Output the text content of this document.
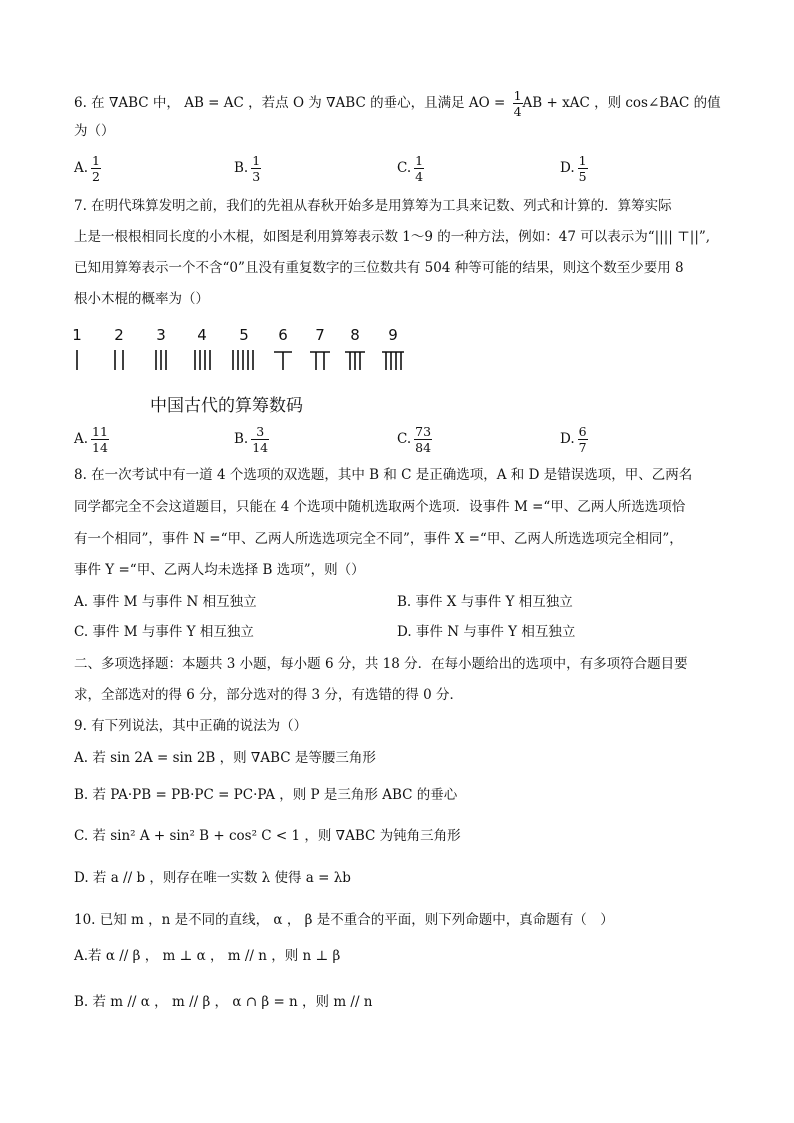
6. 在 ∇ABC 中， AB = AC ，若点 O 为 ∇ABC 的垂心，且满足 AO = $\frac{1}{4}$ AB + xAC ，则 cos∠BAC 的值
为（）
A. $\frac{1}{2}$	B. $\frac{1}{3}$	C. $\frac{1}{4}$	D. $\frac{1}{5}$
7. 在明代珠算发明之前，我们的先祖从春秋开始多是用算筹为工具来记数、列式和计算的．算筹实际
上是一根根相同长度的小木棍，如图是利用算筹表示数 1～9 的一种方法，例如：47 可以表示为“|||| ⊤||”,
已知用算筹表示一个不含“0”且没有重复数字的三位数共有 504 种等可能的结果，则这个数至少要用 8
根小木棍的概率为（）
1	2	3	4	5	6	7	8	9
中国古代的算筹数码
A. $\frac{11}{14}$	B. $\frac{3}{14}$	C. $\frac{73}{84}$	D. $\frac{6}{7}$
8. 在一次考试中有一道 4 个选项的双选题，其中 B 和 C 是正确选项，A 和 D 是错误选项，甲、乙两名
同学都完全不会这道题目，只能在 4 个选项中随机选取两个选项．设事件 M =“甲、乙两人所选选项恰
有一个相同”，事件 N =“甲、乙两人所选选项完全不同”，事件 X =“甲、乙两人所选选项完全相同”，
事件 Y =“甲、乙两人均未选择 B 选项”，则（）
A. 事件 M 与事件 N 相互独立	B. 事件 X 与事件 Y 相互独立
C. 事件 M 与事件 Y 相互独立	D. 事件 N 与事件 Y 相互独立
二、多项选择题：本题共 3 小题，每小题 6 分，共 18 分．在每小题给出的选项中，有多项符合题目要
求，全部选对的得 6 分，部分选对的得 3 分，有选错的得 0 分．
9. 有下列说法，其中正确的说法为（）
A. 若 sin 2A = sin 2B ，则 ∇ABC 是等腰三角形
B. 若 PA·PB = PB·PC = PC·PA ，则 P 是三角形 ABC 的垂心
C. 若 sin² A + sin² B + cos² C < 1 ，则 ∇ABC 为钝角三角形
D. 若 a // b ，则存在唯一实数 λ 使得 a = λb
10. 已知 m ，n 是不同的直线， α ， β 是不重合的平面，则下列命题中，真命题有（　）
A.若 α // β ， m ⊥ α ， m // n ，则 n ⊥ β
B. 若 m // α ， m // β ， α ∩ β = n ，则 m // n
